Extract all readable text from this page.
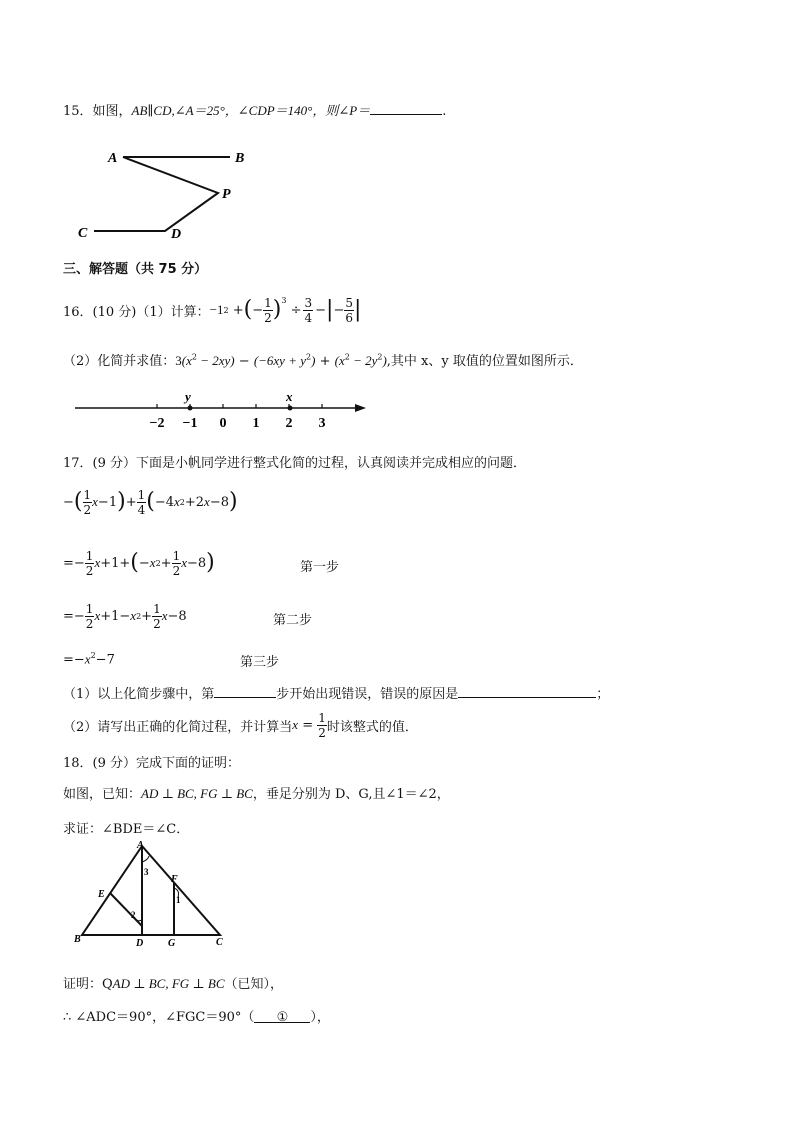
15．如图，AB∥CD,∠A＝25°，∠CDP＝140°，则∠P＝	.
A	B
P
C	D
三、解答题（共 75 分）
16．(10 分)（1）计算： −1 2 + ( − $\frac{1}{2} )^3$
÷ $\frac{3}{4}$ − | − $\frac{5}{6}$ |
（2）化简并求值：$3(x^2 - 2xy) - (-6xy + y^2) + (x^2 - 2y^2)$,其中 x、y 取值的位置如图所示．
−2 −1 0 1 2 3
y	x
17．(9 分）下面是小帆同学进行整式化简的过程，认真阅读并完成相应的问题．
− ( $\frac{1}{2}$ x −1 ) + $\frac{1}{4}$ ( −4 x 2 +2 x −8 )
=− $\frac{1}{2}$ x +1+ ( − x $2 + \frac{1}{2}$ x −8 )	第一步
=− $\frac{1}{2}$ x +1− x $2 + \frac{1}{2}$ x −8	第二步
$=-x^2-7$	第三步
（1）以上化简步骤中，第	步开始出现错误，错误的原因是	；
（2）请写出正确的化简过程，并计算当 $x = \frac{1}{2}$ 时该整式的值．
18．(9 分）完成下面的证明：
如图，已知：AD ⊥ BC, FG ⊥ BC，垂足分别为 D、G,且∠1＝∠2，
求证：∠BDE＝∠C．
A
B	C
D
E
F
G
1
2
3
证明：QAD ⊥ BC, FG ⊥ BC（已知），
∴ ∠ADC＝90°，∠FGC＝90°（ ① ），
